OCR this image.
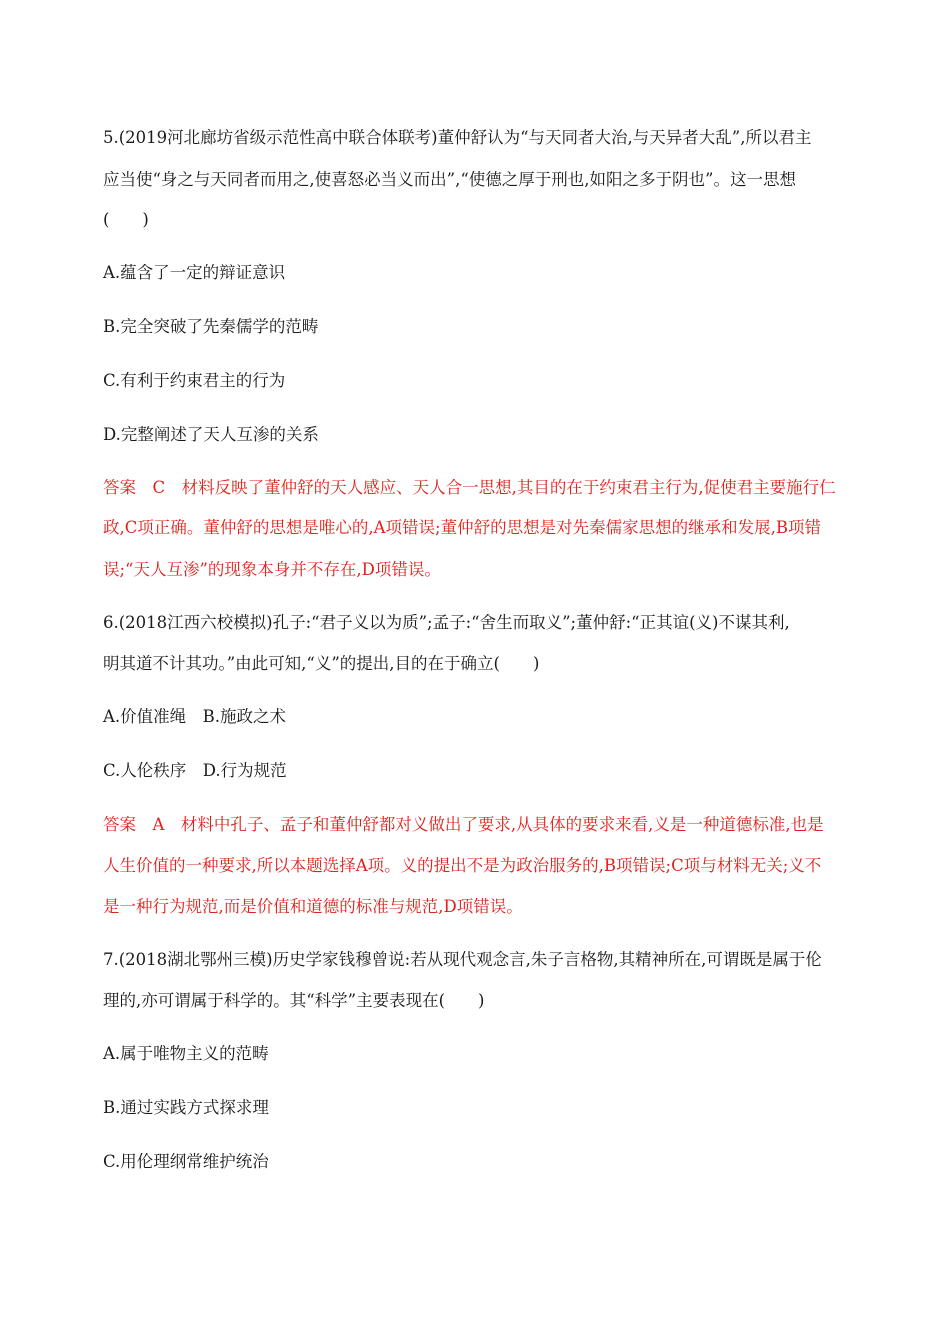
5.(2019河北廊坊省级示范性高中联合体联考)董仲舒认为“与天同者大治,与天异者大乱”,所以君主
应当使“身之与天同者而用之,使喜怒必当义而出”,“使德之厚于刑也,如阳之多于阴也”。这一思想
(　　)
A.蕴含了一定的辩证意识
B.完全突破了先秦儒学的范畴
C.有利于约束君主的行为
D.完整阐述了天人互渗的关系
答案　C　材料反映了董仲舒的天人感应、天人合一思想,其目的在于约束君主行为,促使君主要施行仁
政,C项正确。董仲舒的思想是唯心的,A项错误;董仲舒的思想是对先秦儒家思想的继承和发展,B项错
误;“天人互渗”的现象本身并不存在,D项错误。
6.(2018江西六校模拟)孔子:“君子义以为质”;孟子:“舍生而取义”;董仲舒:“正其谊(义)不谋其利,
明其道不计其功。”由此可知,“义”的提出,目的在于确立(　　)
A.价值准绳　B.施政之术
C.人伦秩序　D.行为规范
答案　A　材料中孔子、孟子和董仲舒都对义做出了要求,从具体的要求来看,义是一种道德标准,也是
人生价值的一种要求,所以本题选择A项。义的提出不是为政治服务的,B项错误;C项与材料无关;义不
是一种行为规范,而是价值和道德的标准与规范,D项错误。
7.(2018湖北鄂州三模)历史学家钱穆曾说:若从现代观念言,朱子言格物,其精神所在,可谓既是属于伦
理的,亦可谓属于科学的。其“科学”主要表现在(　　)
A.属于唯物主义的范畴
B.通过实践方式探求理
C.用伦理纲常维护统治
